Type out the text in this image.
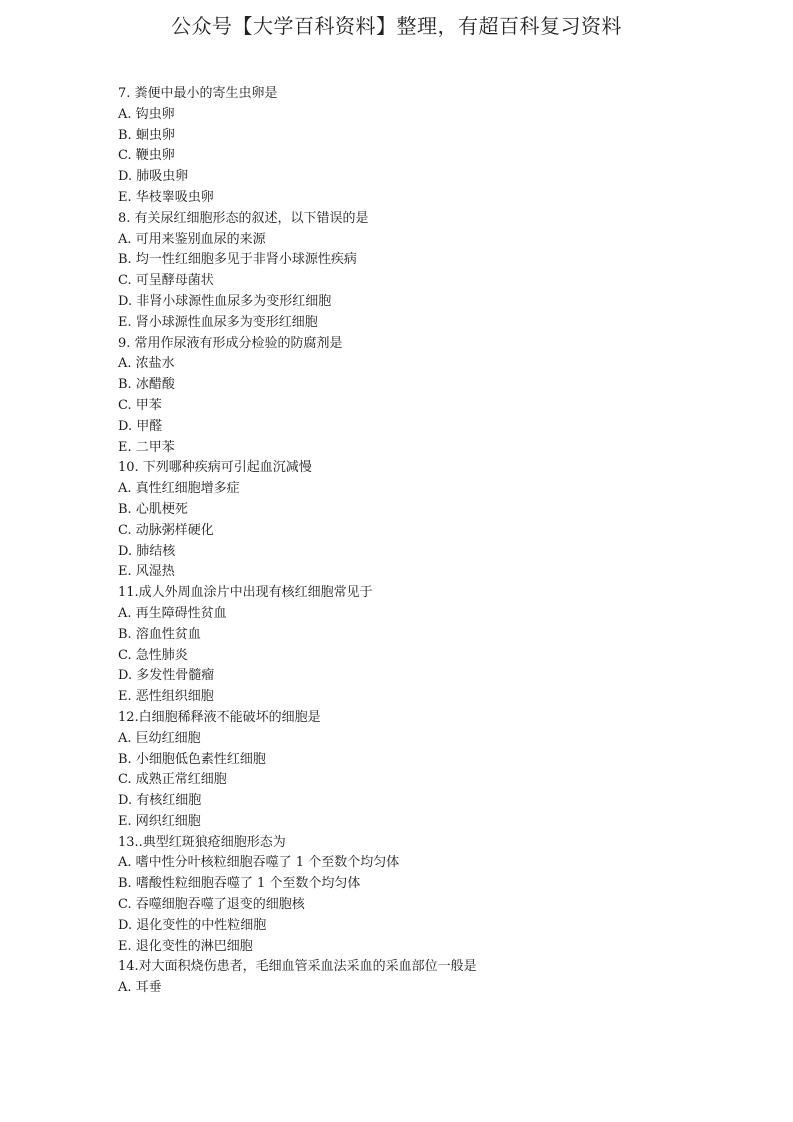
公众号【大学百科资料】整理，有超百科复习资料
7. 粪便中最小的寄生虫卵是
A. 钩虫卵
B. 蛔虫卵
C. 鞭虫卵
D. 肺吸虫卵
E. 华枝睾吸虫卵
8. 有关尿红细胞形态的叙述，以下错误的是
A. 可用来鉴别血尿的来源
B. 均一性红细胞多见于非肾小球源性疾病
C. 可呈酵母菌状
D. 非肾小球源性血尿多为变形红细胞
E. 肾小球源性血尿多为变形红细胞
9. 常用作尿液有形成分检验的防腐剂是
A. 浓盐水
B. 冰醋酸
C. 甲苯
D. 甲醛
E. 二甲苯
10. 下列哪种疾病可引起血沉减慢
A. 真性红细胞增多症
B. 心肌梗死
C. 动脉粥样硬化
D. 肺结核
E. 风湿热
11.成人外周血涂片中出现有核红细胞常见于
A. 再生障碍性贫血
B. 溶血性贫血
C. 急性肺炎
D. 多发性骨髓瘤
E. 恶性组织细胞
12.白细胞稀释液不能破坏的细胞是
A. 巨幼红细胞
B. 小细胞低色素性红细胞
C. 成熟正常红细胞
D. 有核红细胞
E. 网织红细胞
13..典型红斑狼疮细胞形态为
A. 嗜中性分叶核粒细胞吞噬了 1 个至数个均匀体
B. 嗜酸性粒细胞吞噬了 1 个至数个均匀体
C. 吞噬细胞吞噬了退变的细胞核
D. 退化变性的中性粒细胞
E. 退化变性的淋巴细胞
14.对大面积烧伤患者，毛细血管采血法采血的采血部位一般是
A. 耳垂
